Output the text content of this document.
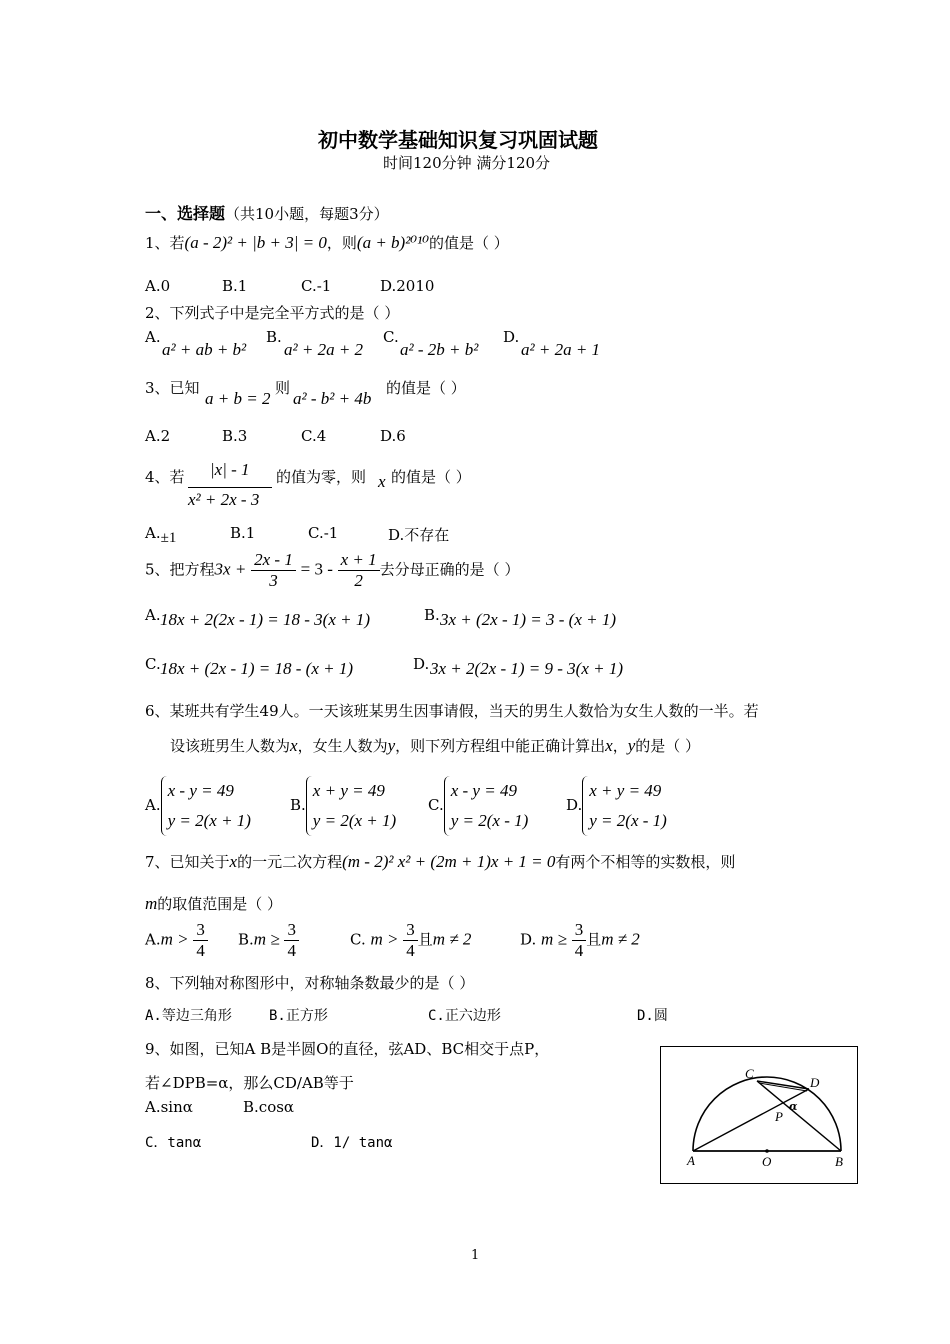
初中数学基础知识复习巩固试题
时间120分钟 满分120分
一、选择题（共10小题，每题3分）
1、若(a - 2)² + |b + 3| = 0，则(a + b)²⁰¹⁰的值是（ ）
A.0	B.1	C.-1	D.2010
2、下列式子中是完全平方式的是（ ）
A.
a² + ab + b²
B.
a² + 2a + 2
C.
a² - 2b + b²
D.
a² + 2a + 1
3、已知
a + b = 2
则
a² - b² + 4b
的值是（ ）
A.2	B.3	C.4	D.6
4、若 |x| - 1
x² + 2x - 3
的值为零，则 x 的值是（ ）
A.±1	B.1	C.-1	D.不存在
5、把方程$3x + \frac{2x - 1}{3} = 3 - \frac{x + 1}{2}$ 去分母正确的是（ ）
A. 18x + 2(2x - 1) = 18 - 3(x + 1)	B. 3x + (2x - 1) = 3 - (x + 1)
C. 18x + (2x - 1) = 18 - (x + 1)	D. 3x + 2(2x - 1) = 9 - 3(x + 1)
6、某班共有学生49人。一天该班某男生因事请假，当天的男生人数恰为女生人数的一半。若
设该班男生人数为x，女生人数为y，则下列方程组中能正确计算出x，y的是（ ）
A.x - y = 49
y = 2(x + 1)
B.x + y = 49
y = 2(x + 1)
C.x - y = 49
y = 2(x - 1)
D.x + y = 49
y = 2(x - 1)
7、已知关于x的一元二次方程(m - 2)² x² + (2m + 1)x + 1 = 0有两个不相等的实数根，则
m的取值范围是（ ）
$A.m > \frac{3}{4} B.m \ge \frac{3}{4}$	C. $m > \frac{3}{4}$ 且m ≠ 2	D. $m \ge \frac{3}{4}$ 且m ≠ 2
8、下列轴对称图形中，对称轴条数最少的是（ ）
A.等边三角形	B.正方形	C.正六边形	D.圆
9、如图，已知A B是半圆O的直径，弦AD、BC相交于点P，
若∠DPB=α，那么CD/AB等于
A.sinα	B.cosα
C．tanα	D．1/ tanα
A	B
C
D
O
P
α
1
